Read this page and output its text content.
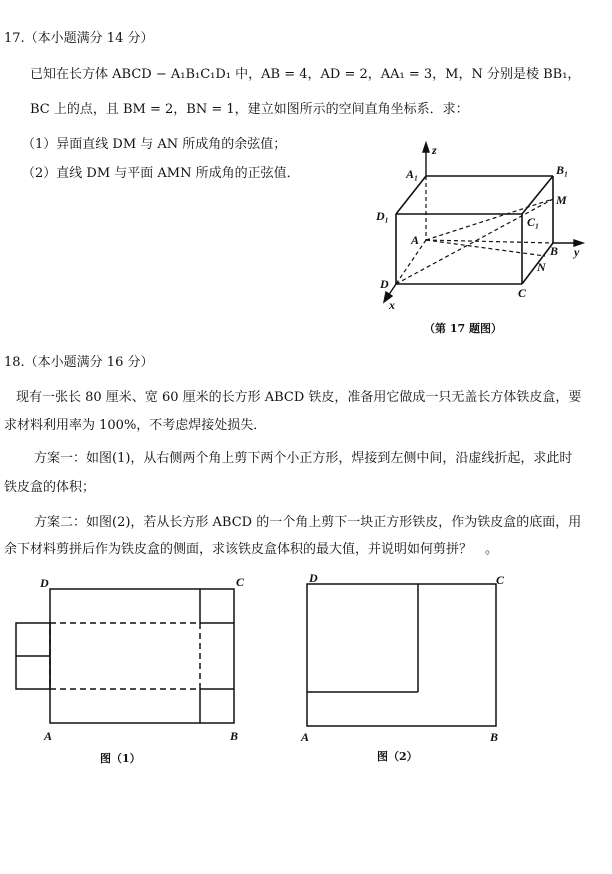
17.（本小题满分 14 分）
已知在长方体 ABCD − A₁B₁C₁D₁ 中，AB = 4，AD = 2，AA₁ = 3，M，N 分别是棱 BB₁，
BC 上的点，且 BM = 2，BN = 1，建立如图所示的空间直角坐标系．求：
（1）异面直线 DM 与 AN 所成角的余弦值；
（2）直线 DM 与平面 AMN 所成角的正弦值．
z
y
x
A₁	B₁
C₁
D₁
A
B
C
D
M
N
（第 17 题图）
18.（本小题满分 16 分）
现有一张长 80 厘米、宽 60 厘米的长方形 ABCD 铁皮，准备用它做成一只无盖长方体铁皮盒，要
求材料利用率为 100%，不考虑焊接处损失．
方案一：如图(1)，从右侧两个角上剪下两个小正方形，焊接到左侧中间，沿虚线折起，求此时
铁皮盒的体积；
方案二：如图(2)，若从长方形 ABCD 的一个角上剪下一块正方形铁皮，作为铁皮盒的底面，用
余下材料剪拼后作为铁皮盒的侧面，求该铁皮盒体积的最大值，并说明如何剪拼？　。
D	C
A	B
图（1）
D	C
A	B
图（2）
